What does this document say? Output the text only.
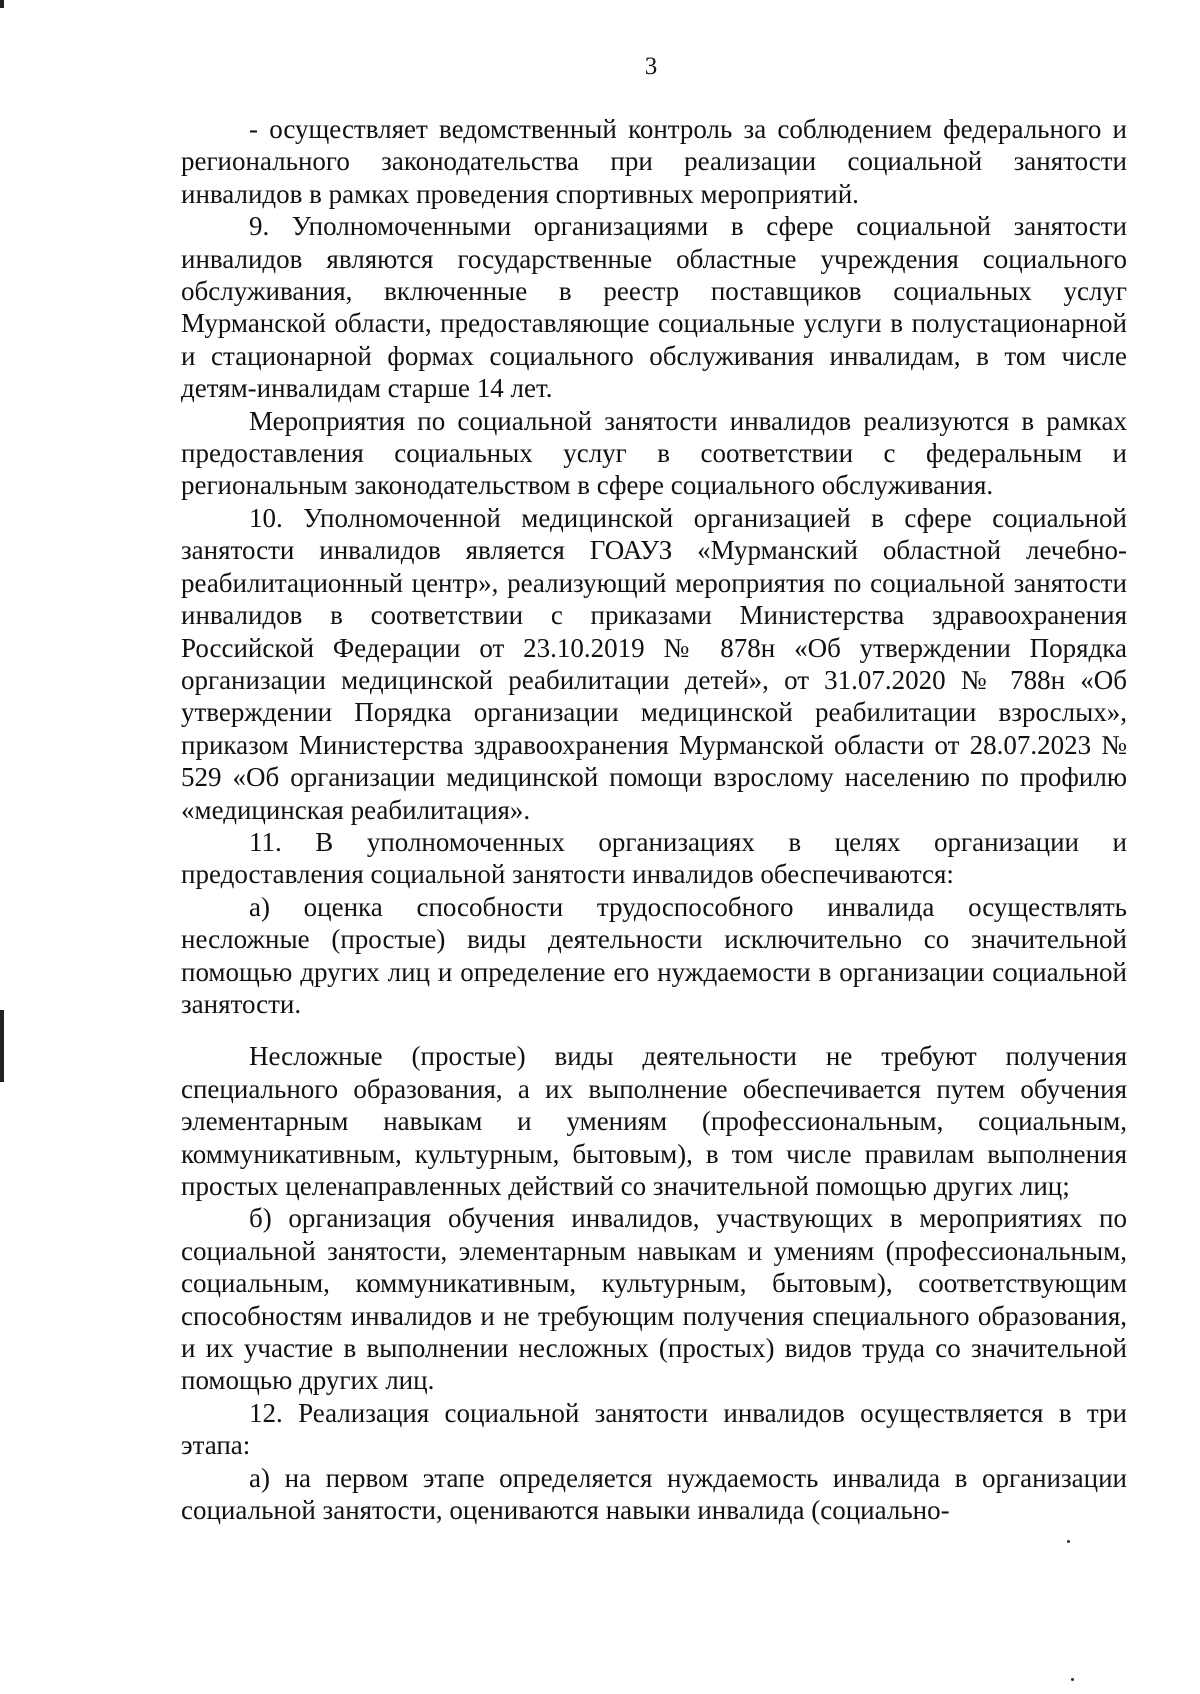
3

- осуществляет ведомственный контроль за соблюдением федерального и регионального законодательства при реализации социальной занятости инвалидов в рамках проведения спортивных мероприятий.

9. Уполномоченными организациями в сфере социальной занятости инвалидов являются государственные областные учреждения социального обслуживания, включенные в реестр поставщиков социальных услуг Мурманской области, предоставляющие социальные услуги в полустационарной и стационарной формах социального обслуживания инвалидам, в том числе детям-инвалидам старше 14 лет.

Мероприятия по социальной занятости инвалидов реализуются в рамках предоставления социальных услуг в соответствии с федеральным и региональным законодательством в сфере социального обслуживания.

10. Уполномоченной медицинской организацией в сфере социальной занятости инвалидов является ГОАУЗ «Мурманский областной лечебно-реабилитационный центр», реализующий мероприятия по социальной занятости инвалидов в соответствии с приказами Министерства здравоохранения Российской Федерации от 23.10.2019 № 878н «Об утверждении Порядка организации медицинской реабилитации детей», от 31.07.2020 № 788н «Об утверждении Порядка организации медицинской реабилитации взрослых», приказом Министерства здравоохранения Мурманской области от 28.07.2023 № 529 «Об организации медицинской помощи взрослому населению по профилю «медицинская реабилитация».

11. В уполномоченных организациях в целях организации и предоставления социальной занятости инвалидов обеспечиваются:

а) оценка способности трудоспособного инвалида осуществлять несложные (простые) виды деятельности исключительно со значительной помощью других лиц и определение его нуждаемости в организации социальной занятости.

Несложные (простые) виды деятельности не требуют получения специального образования, а их выполнение обеспечивается путем обучения элементарным навыкам и умениям (профессиональным, социальным, коммуникативным, культурным, бытовым), в том числе правилам выполнения простых целенаправленных действий со значительной помощью других лиц;

б) организация обучения инвалидов, участвующих в мероприятиях по социальной занятости, элементарным навыкам и умениям (профессиональным, социальным, коммуникативным, культурным, бытовым), соответствующим способностям инвалидов и не требующим получения специального образования, и их участие в выполнении несложных (простых) видов труда со значительной помощью других лиц.

12. Реализация социальной занятости инвалидов осуществляется в три этапа:

а) на первом этапе определяется нуждаемость инвалида в организации социальной занятости, оцениваются навыки инвалида (социально-
